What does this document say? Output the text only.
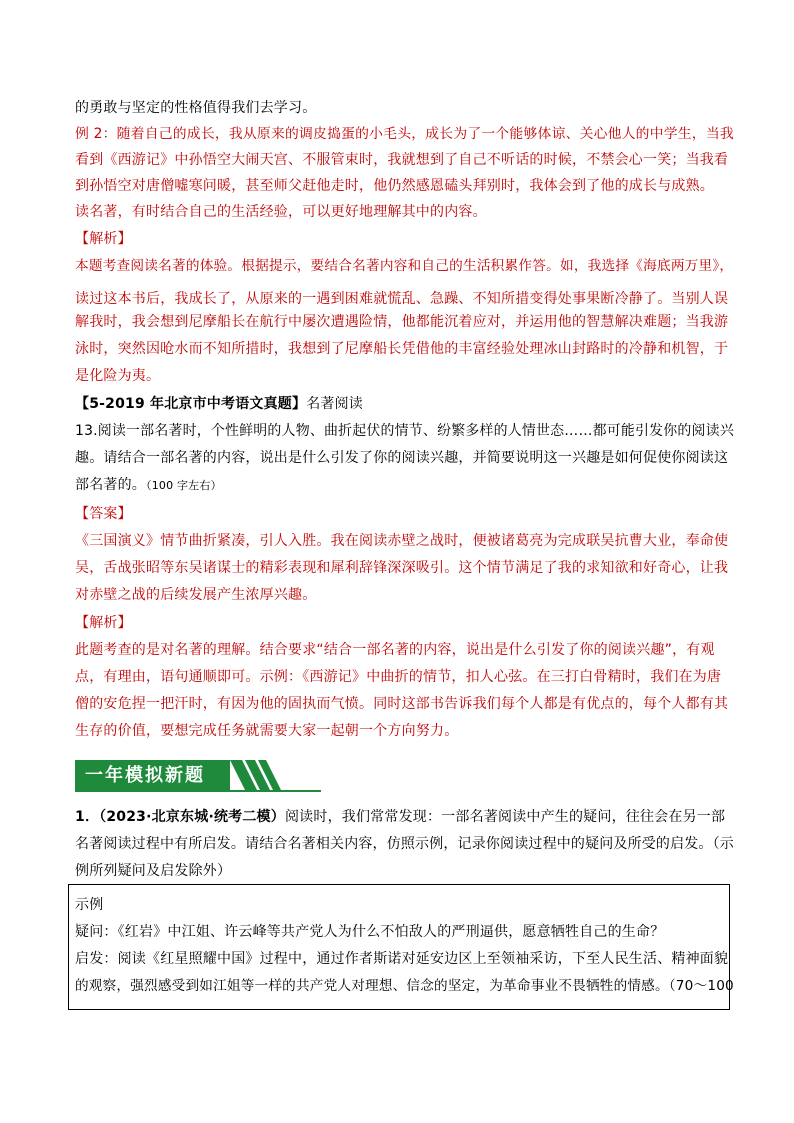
的勇敢与坚定的性格值得我们去学习。
例 2：随着自己的成长，我从原来的调皮捣蛋的小毛头，成长为了一个能够体谅、关心他人的中学生，当我
看到《西游记》中孙悟空大闹天宫、不服管束时，我就想到了自己不听话的时候，不禁会心一笑；当我看
到孙悟空对唐僧嘘寒问暖，甚至师父赶他走时，他仍然感恩磕头拜别时，我体会到了他的成长与成熟。
读名著，有时结合自己的生活经验，可以更好地理解其中的内容。
【解析】
本题考查阅读名著的体验。根据提示，要结合名著内容和自己的生活积累作答。如，我选择《海底两万里》，
读过这本书后，我成长了，从原来的一遇到困难就慌乱、急躁、不知所措变得处事果断冷静了。当别人误
解我时，我会想到尼摩船长在航行中屡次遭遇险情，他都能沉着应对，并运用他的智慧解决难题；当我游
泳时，突然因呛水而不知所措时，我想到了尼摩船长凭借他的丰富经验处理冰山封路时的冷静和机智，于
是化险为夷。
【5-2019 年北京市中考语文真题】名著阅读
13.阅读一部名著时，个性鲜明的人物、曲折起伏的情节、纷繁多样的人情世态……都可能引发你的阅读兴
趣。请结合一部名著的内容，说出是什么引发了你的阅读兴趣，并简要说明这一兴趣是如何促使你阅读这
部名著的。（100 字左右）
【答案】
《三国演义》情节曲折紧凑，引人入胜。我在阅读赤壁之战时，便被诸葛亮为完成联吴抗曹大业，奉命使
吴，舌战张昭等东吴诸谋士的精彩表现和犀利辞锋深深吸引。这个情节满足了我的求知欲和好奇心，让我
对赤壁之战的后续发展产生浓厚兴趣。
【解析】
此题考查的是对名著的理解。结合要求“结合一部名著的内容，说出是什么引发了你的阅读兴趣”，有观
点，有理由，语句通顺即可。示例：《西游记》中曲折的情节，扣人心弦。在三打白骨精时，我们在为唐
僧的安危捏一把汗时，有因为他的固执而气愤。同时这部书告诉我们每个人都是有优点的，每个人都有其
生存的价值，要想完成任务就需要大家一起朝一个方向努力。
一年模拟新题
1．（2023·北京东城·统考二模）阅读时，我们常常发现：一部名著阅读中产生的疑问，往往会在另一部
名著阅读过程中有所启发。请结合名著相关内容，仿照示例，记录你阅读过程中的疑问及所受的启发。（示
例所列疑问及启发除外）
示例
疑问：《红岩》中江姐、许云峰等共产党人为什么不怕敌人的严刑逼供，愿意牺牲自己的生命？
启发：阅读《红星照耀中国》过程中，通过作者斯诺对延安边区上至领袖采访，下至人民生活、精神面貌
的观察，强烈感受到如江姐等一样的共产党人对理想、信念的坚定，为革命事业不畏牺牲的情感。（70～100
